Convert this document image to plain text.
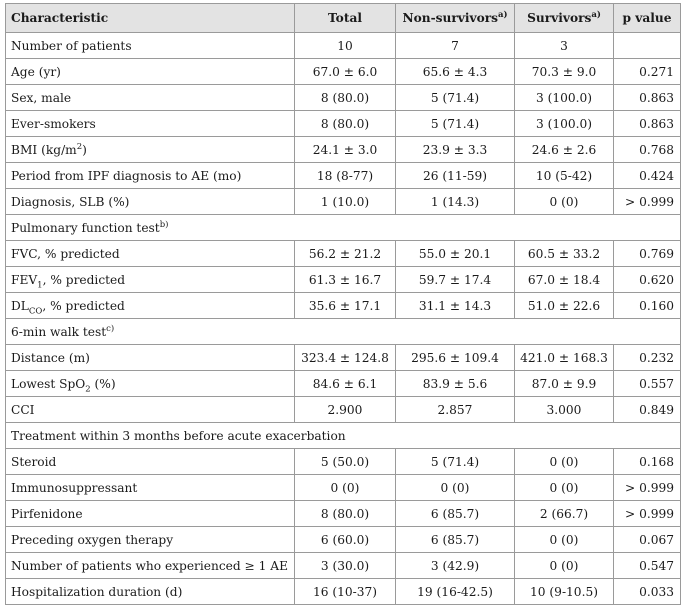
Characteristic	Total	Non-survivors$^{a)}$	Survivors$^{a)}$	p value
Number of patients	10	7	3	
Age (yr)	67.0 ± 6.0	65.6 ± 4.3	70.3 ± 9.0	0.271
Sex, male	8 (80.0)	5 (71.4)	3 (100.0)	0.863
Ever-smokers	8 (80.0)	5 (71.4)	3 (100.0)	0.863
BMI $(kg/m^2)$	24.1 ± 3.0	23.9 ± 3.3	24.6 ± 2.6	0.768
Period from IPF diagnosis to AE (mo)	18 (8-77)	26 (11-59)	10 (5-42)	0.424
Diagnosis, SLB (%)	1 (10.0)	1 (14.3)	0 (0)	> 0.999
Pulmonary function test$^{b)}$
FVC, % predicted	56.2 ± 21.2	55.0 ± 20.1	60.5 ± 33.2	0.769
$FEV_1$, % predicted	61.3 ± 16.7	59.7 ± 17.4	67.0 ± 18.4	0.620
$DL_{CO}$, % predicted	35.6 ± 17.1	31.1 ± 14.3	51.0 ± 22.6	0.160
6-min walk test$^{c)}$
Distance (m)	323.4 ± 124.8	295.6 ± 109.4	421.0 ± 168.3	0.232
Lowest SpO$_2$ (%)	84.6 ± 6.1	83.9 ± 5.6	87.0 ± 9.9	0.557
CCI	2.900	2.857	3.000	0.849
Treatment within 3 months before acute exacerbation				
Steroid	5 (50.0)	5 (71.4)	0 (0)	0.168
Immunosuppressant	0 (0)	0 (0)	0 (0)	> 0.999
Pirfenidone	8 (80.0)	6 (85.7)	2 (66.7)	> 0.999
Preceding oxygen therapy	6 (60.0)	6 (85.7)	0 (0)	0.067
Number of patients who experienced ≥ 1 AE	3 (30.0)	3 (42.9)	0 (0)	0.547
Hospitalization duration (d)	16 (10-37)	19 (16-42.5)	10 (9-10.5)	0.033
